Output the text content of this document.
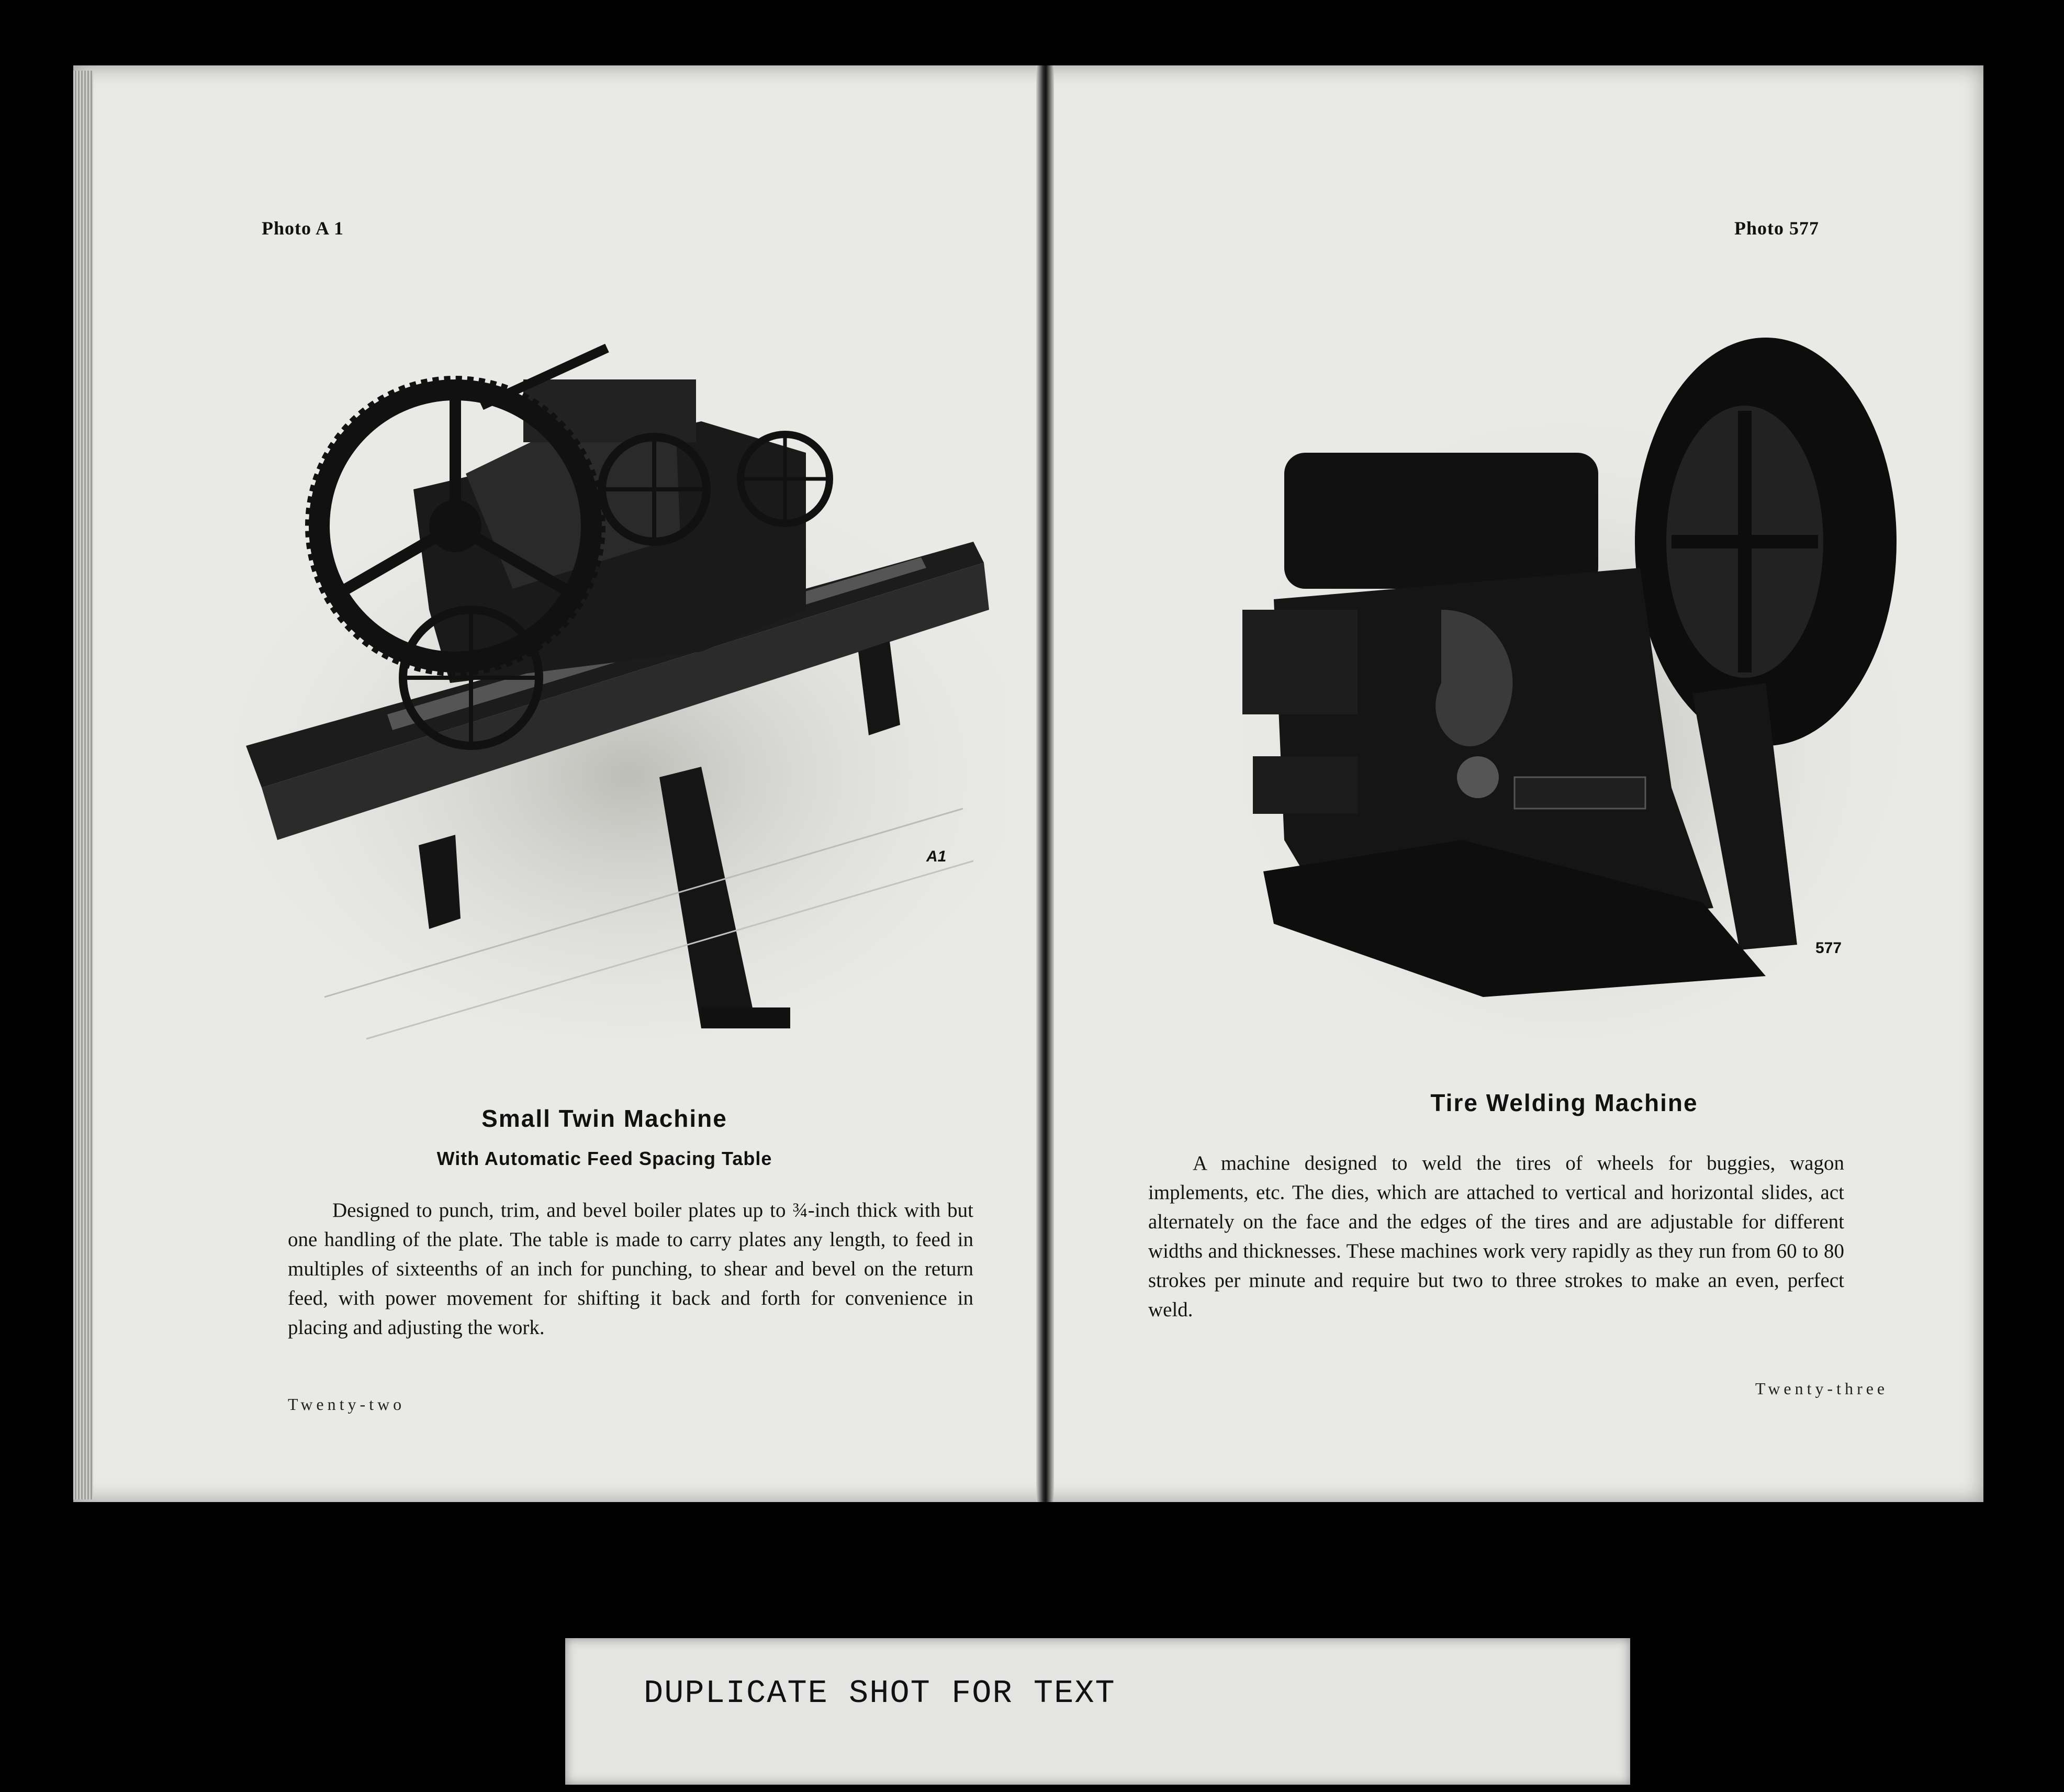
Photo A 1
A1
Small Twin Machine
With Automatic Feed Spacing Table

Designed to punch, trim, and bevel boiler plates up to ¾-inch thick with but one handling of the plate. The table is made to carry plates any length, to feed in multiples of sixteenths of an inch for punching, to shear and bevel on the return feed, with power movement for shifting it back and forth for convenience in placing and adjusting the work.

Twenty-two
Photo 577
577
Tire Welding Machine

A machine designed to weld the tires of wheels for buggies, wagon implements, etc. The dies, which are attached to vertical and horizontal slides, act alternately on the face and the edges of the tires and are adjustable for different widths and thicknesses. These machines work very rapidly as they run from 60 to 80 strokes per minute and require but two to three strokes to make an even, perfect weld.

Twenty-three
DUPLICATE SHOT FOR TEXT
